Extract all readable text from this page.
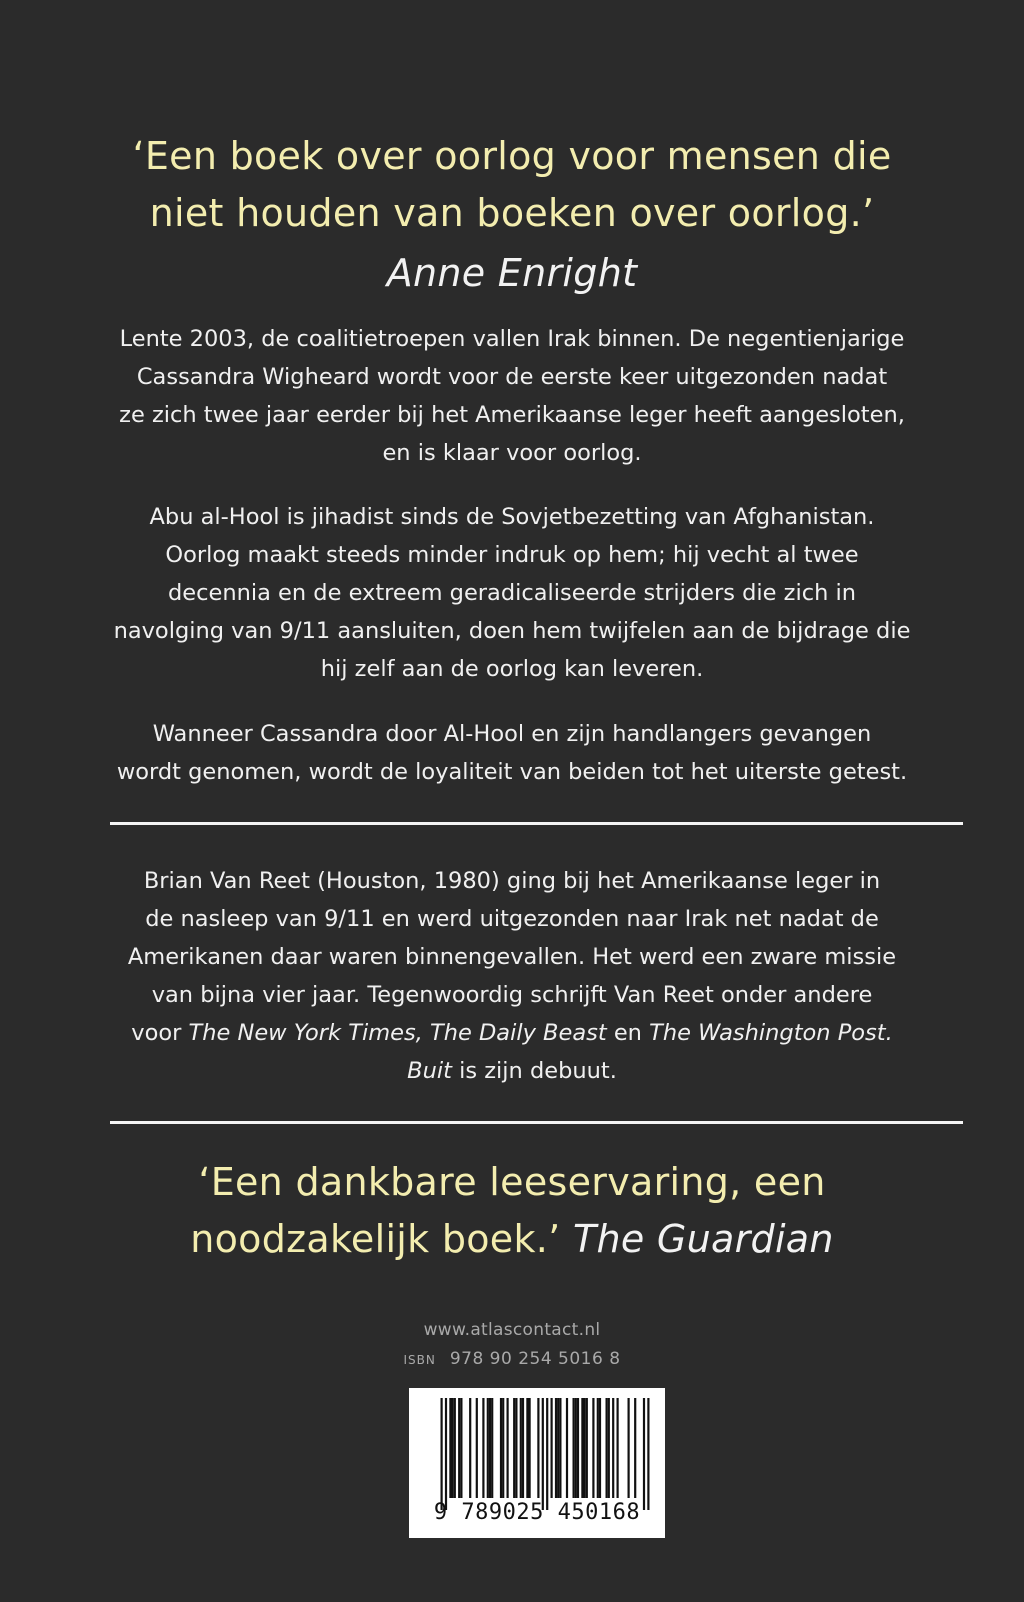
‘Een boek over oorlog voor mensen die
niet houden van boeken over oorlog.’
Anne Enright
Lente 2003, de coalitietroepen vallen Irak binnen. De negentienjarige
Cassandra Wigheard wordt voor de eerste keer uitgezonden nadat
ze zich twee jaar eerder bij het Amerikaanse leger heeft aangesloten,
en is klaar voor oorlog.
Abu al-Hool is jihadist sinds de Sovjetbezetting van Afghanistan.
Oorlog maakt steeds minder indruk op hem; hij vecht al twee
decennia en de extreem geradicaliseerde strijders die zich in
navolging van 9/11 aansluiten, doen hem twijfelen aan de bijdrage die
hij zelf aan de oorlog kan leveren.
Wanneer Cassandra door Al-Hool en zijn handlangers gevangen
wordt genomen, wordt de loyaliteit van beiden tot het uiterste getest.
Brian Van Reet (Houston, 1980) ging bij het Amerikaanse leger in
de nasleep van 9/11 en werd uitgezonden naar Irak net nadat de
Amerikanen daar waren binnengevallen. Het werd een zware missie
van bijna vier jaar. Tegenwoordig schrijft Van Reet onder andere
voor The New York Times, The Daily Beast en The Washington Post.
Buit is zijn debuut.
‘Een dankbare leeservaring, een
noodzakelijk boek.’ The Guardian
www.atlascontact.nl
ISBN 978 90 254 5016 8
9 789025 450168
